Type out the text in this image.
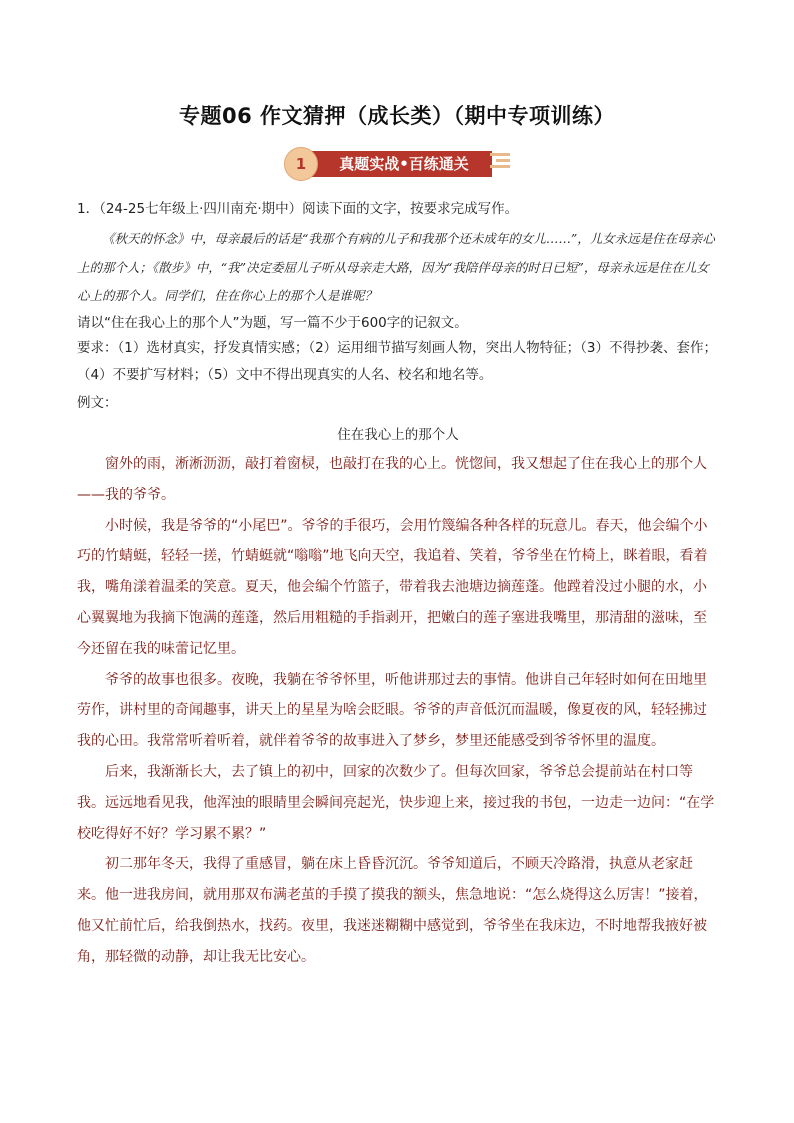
专题06 作文猜押（成长类）（期中专项训练）
1	真题实战•百练通关

1．（24-25七年级上·四川南充·期中）阅读下面的文字，按要求完成写作。

《秋天的怀念》中，母亲最后的话是“我那个有病的儿子和我那个还未成年的女儿……”，儿女永远是住在母亲心上的那个人；《散步》中，“我”决定委屈儿子听从母亲走大路，因为“我陪伴母亲的时日已短”，母亲永远是住在儿女心上的那个人。同学们，住在你心上的那个人是谁呢？

请以“住在我心上的那个人”为题，写一篇不少于600字的记叙文。

要求：（1）选材真实，抒发真情实感；（2）运用细节描写刻画人物，突出人物特征；（3）不得抄袭、套作；（4）不要扩写材料；（5）文中不得出现真实的人名、校名和地名等。

例文：

住在我心上的那个人

窗外的雨，淅淅沥沥，敲打着窗棂，也敲打在我的心上。恍惚间，我又想起了住在我心上的那个人

——我的爷爷。

小时候，我是爷爷的“小尾巴”。爷爷的手很巧，会用竹篾编各种各样的玩意儿。春天，他会编个小巧的竹蜻蜓，轻轻一搓，竹蜻蜓就“嗡嗡”地飞向天空，我追着、笑着，爷爷坐在竹椅上，眯着眼，看着我，嘴角漾着温柔的笑意。夏天，他会编个竹篮子，带着我去池塘边摘莲蓬。他蹚着没过小腿的水，小心翼翼地为我摘下饱满的莲蓬，然后用粗糙的手指剥开，把嫩白的莲子塞进我嘴里，那清甜的滋味，至今还留在我的味蕾记忆里。

爷爷的故事也很多。夜晚，我躺在爷爷怀里，听他讲那过去的事情。他讲自己年轻时如何在田地里劳作，讲村里的奇闻趣事，讲天上的星星为啥会眨眼。爷爷的声音低沉而温暖，像夏夜的风，轻轻拂过我的心田。我常常听着听着，就伴着爷爷的故事进入了梦乡，梦里还能感受到爷爷怀里的温度。

后来，我渐渐长大，去了镇上的初中，回家的次数少了。但每次回家，爷爷总会提前站在村口等我。远远地看见我，他浑浊的眼睛里会瞬间亮起光，快步迎上来，接过我的书包，一边走一边问：“在学校吃得好不好？学习累不累？”

初二那年冬天，我得了重感冒，躺在床上昏昏沉沉。爷爷知道后，不顾天冷路滑，执意从老家赶来。他一进我房间，就用那双布满老茧的手摸了摸我的额头，焦急地说：“怎么烧得这么厉害！”接着，他又忙前忙后，给我倒热水，找药。夜里，我迷迷糊糊中感觉到，爷爷坐在我床边，不时地帮我掖好被角，那轻微的动静，却让我无比安心。
